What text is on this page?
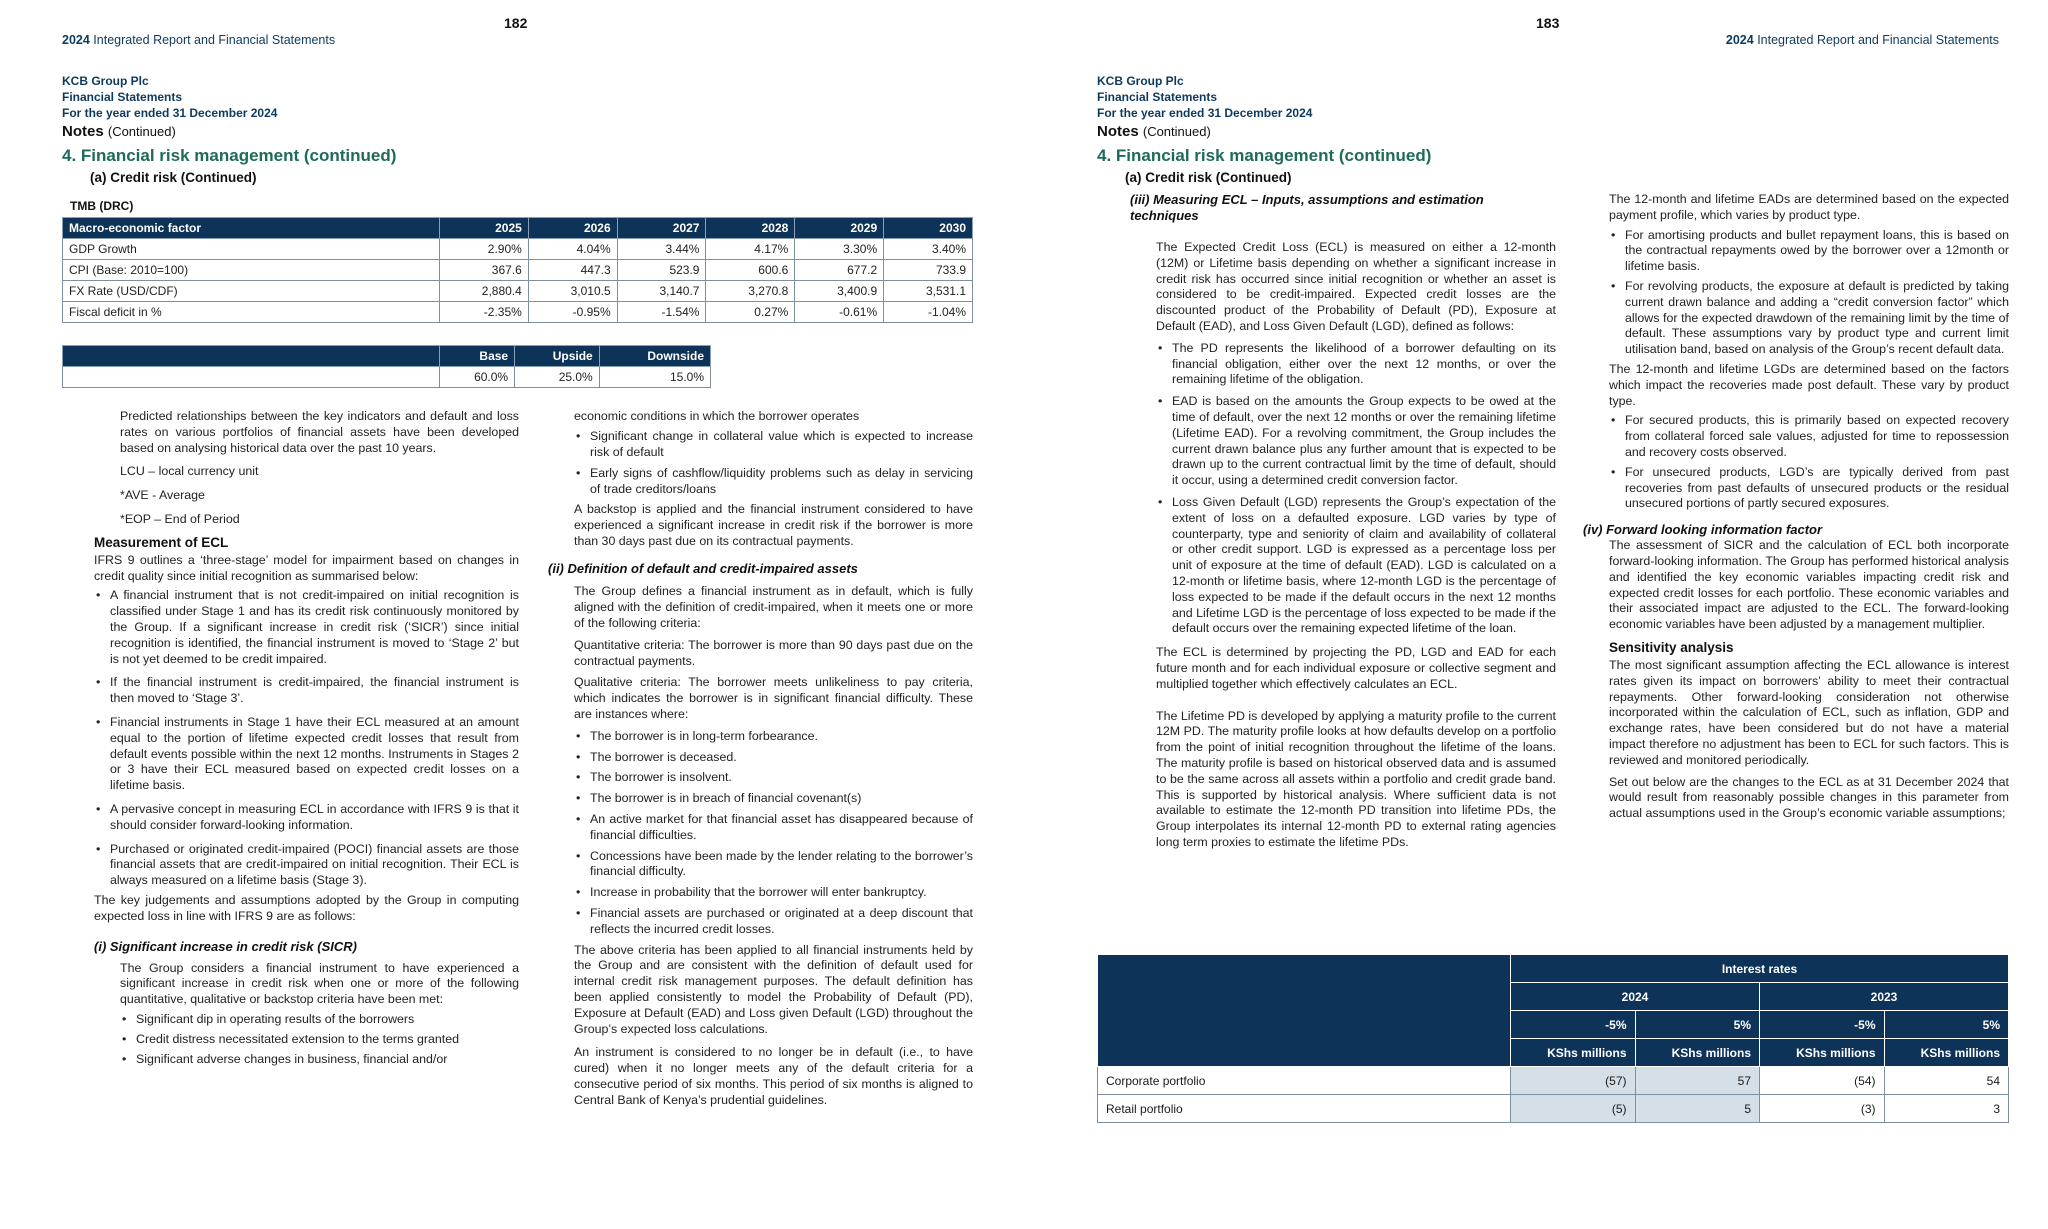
182
2024 Integrated Report and Financial Statements
KCB Group Plc
Financial Statements
For the year ended 31 December 2024
Notes (Continued)
4. Financial risk management (continued)
(a) Credit risk (Continued)
TMB (DRC)
Macro-economic factor	2025	2026	2027	2028	2029	2030
GDP Growth	2.90%	4.04%	3.44%	4.17%	3.30%	3.40%
CPI (Base: 2010=100)	367.6	447.3	523.9	600.6	677.2	733.9
FX Rate (USD/CDF)	2,880.4	3,010.5	3,140.7	3,270.8	3,400.9	3,531.1
Fiscal deficit in %	-2.35%	-0.95%	-1.54%	0.27%	-0.61%	-1.04%
	Base	Upside	Downside
	60.0%	25.0%	15.0%

Predicted relationships between the key indicators and default and loss rates on various portfolios of financial assets have been developed based on analysing historical data over the past 10 years.

LCU – local currency unit

*AVE - Average

*EOP – End of Period

Measurement of ECL

IFRS 9 outlines a ‘three-stage’ model for impairment based on changes in credit quality since initial recognition as summarised below:

• A financial instrument that is not credit-impaired on initial recognition is classified under Stage 1 and has its credit risk continuously monitored by the Group. If a significant increase in credit risk (‘SICR’) since initial recognition is identified, the financial instrument is moved to ‘Stage 2’ but is not yet deemed to be credit impaired.
• If the financial instrument is credit-impaired, the financial instrument is then moved to ‘Stage 3’.
• Financial instruments in Stage 1 have their ECL measured at an amount equal to the portion of lifetime expected credit losses that result from default events possible within the next 12 months. Instruments in Stages 2 or 3 have their ECL measured based on expected credit losses on a lifetime basis.
• A pervasive concept in measuring ECL in accordance with IFRS 9 is that it should consider forward-looking information.
• Purchased or originated credit-impaired (POCI) financial assets are those financial assets that are credit-impaired on initial recognition. Their ECL is always measured on a lifetime basis (Stage 3).

The key judgements and assumptions adopted by the Group in computing expected loss in line with IFRS 9 are as follows:

(i) Significant increase in credit risk (SICR)

The Group considers a financial instrument to have experienced a significant increase in credit risk when one or more of the following quantitative, qualitative or backstop criteria have been met:

• Significant dip in operating results of the borrowers
• Credit distress necessitated extension to the terms granted
• Significant adverse changes in business, financial and/or

economic conditions in which the borrower operates

• Significant change in collateral value which is expected to increase risk of default
• Early signs of cashflow/liquidity problems such as delay in servicing of trade creditors/loans

A backstop is applied and the financial instrument considered to have experienced a significant increase in credit risk if the borrower is more than 30 days past due on its contractual payments.

(ii) Definition of default and credit-impaired assets

The Group defines a financial instrument as in default, which is fully aligned with the definition of credit-impaired, when it meets one or more of the following criteria:

Quantitative criteria: The borrower is more than 90 days past due on the contractual payments.

Qualitative criteria: The borrower meets unlikeliness to pay criteria, which indicates the borrower is in significant financial difficulty. These are instances where:

• The borrower is in long-term forbearance.
• The borrower is deceased.
• The borrower is insolvent.
• The borrower is in breach of financial covenant(s)
• An active market for that financial asset has disappeared because of financial difficulties.
• Concessions have been made by the lender relating to the borrower’s financial difficulty.
• Increase in probability that the borrower will enter bankruptcy.
• Financial assets are purchased or originated at a deep discount that reflects the incurred credit losses.

The above criteria has been applied to all financial instruments held by the Group and are consistent with the definition of default used for internal credit risk management purposes. The default definition has been applied consistently to model the Probability of Default (PD), Exposure at Default (EAD) and Loss given Default (LGD) throughout the Group’s expected loss calculations.

An instrument is considered to no longer be in default (i.e., to have cured) when it no longer meets any of the default criteria for a consecutive period of six months. This period of six months is aligned to Central Bank of Kenya’s prudential guidelines.

183
2024 Integrated Report and Financial Statements
KCB Group Plc
Financial Statements
For the year ended 31 December 2024
Notes (Continued)
4. Financial risk management (continued)
(a) Credit risk (Continued)
(iii) Measuring ECL – Inputs, assumptions and estimation techniques

The Expected Credit Loss (ECL) is measured on either a 12-month (12M) or Lifetime basis depending on whether a significant increase in credit risk has occurred since initial recognition or whether an asset is considered to be credit-impaired. Expected credit losses are the discounted product of the Probability of Default (PD), Exposure at Default (EAD), and Loss Given Default (LGD), defined as follows:

• The PD represents the likelihood of a borrower defaulting on its financial obligation, either over the next 12 months, or over the remaining lifetime of the obligation.
• EAD is based on the amounts the Group expects to be owed at the time of default, over the next 12 months or over the remaining lifetime (Lifetime EAD). For a revolving commitment, the Group includes the current drawn balance plus any further amount that is expected to be drawn up to the current contractual limit by the time of default, should it occur, using a determined credit conversion factor.
• Loss Given Default (LGD) represents the Group’s expectation of the extent of loss on a defaulted exposure. LGD varies by type of counterparty, type and seniority of claim and availability of collateral or other credit support. LGD is expressed as a percentage loss per unit of exposure at the time of default (EAD). LGD is calculated on a 12-month or lifetime basis, where 12-month LGD is the percentage of loss expected to be made if the default occurs in the next 12 months and Lifetime LGD is the percentage of loss expected to be made if the default occurs over the remaining expected lifetime of the loan.

The ECL is determined by projecting the PD, LGD and EAD for each future month and for each individual exposure or collective segment and multiplied together which effectively calculates an ECL.

The Lifetime PD is developed by applying a maturity profile to the current 12M PD. The maturity profile looks at how defaults develop on a portfolio from the point of initial recognition throughout the lifetime of the loans. The maturity profile is based on historical observed data and is assumed to be the same across all assets within a portfolio and credit grade band. This is supported by historical analysis. Where sufficient data is not available to estimate the 12-month PD transition into lifetime PDs, the Group interpolates its internal 12-month PD to external rating agencies long term proxies to estimate the lifetime PDs.

The 12-month and lifetime EADs are determined based on the expected payment profile, which varies by product type.

• For amortising products and bullet repayment loans, this is based on the contractual repayments owed by the borrower over a 12month or lifetime basis.
• For revolving products, the exposure at default is predicted by taking current drawn balance and adding a “credit conversion factor” which allows for the expected drawdown of the remaining limit by the time of default. These assumptions vary by product type and current limit utilisation band, based on analysis of the Group’s recent default data.

The 12-month and lifetime LGDs are determined based on the factors which impact the recoveries made post default. These vary by product type.

• For secured products, this is primarily based on expected recovery from collateral forced sale values, adjusted for time to repossession and recovery costs observed.
• For unsecured products, LGD’s are typically derived from past recoveries from past defaults of unsecured products or the residual unsecured portions of partly secured exposures.
(iv) Forward looking information factor

The assessment of SICR and the calculation of ECL both incorporate forward-looking information. The Group has performed historical analysis and identified the key economic variables impacting credit risk and expected credit losses for each portfolio. These economic variables and their associated impact are adjusted to the ECL. The forward-looking economic variables have been adjusted by a management multiplier.

Sensitivity analysis

The most significant assumption affecting the ECL allowance is interest rates given its impact on borrowers’ ability to meet their contractual repayments. Other forward-looking consideration not otherwise incorporated within the calculation of ECL, such as inflation, GDP and exchange rates, have been considered but do not have a material impact therefore no adjustment has been to ECL for such factors. This is reviewed and monitored periodically.

Set out below are the changes to the ECL as at 31 December 2024 that would result from reasonably possible changes in this parameter from actual assumptions used in the Group’s economic variable assumptions;

	Interest rates			
	2024		2023	
	-5%	5%	-5%	5%
	KShs millions	KShs millions	KShs millions	KShs millions
Corporate portfolio	(57)	57	(54)	54
Retail portfolio	(5)	5	(3)	3
